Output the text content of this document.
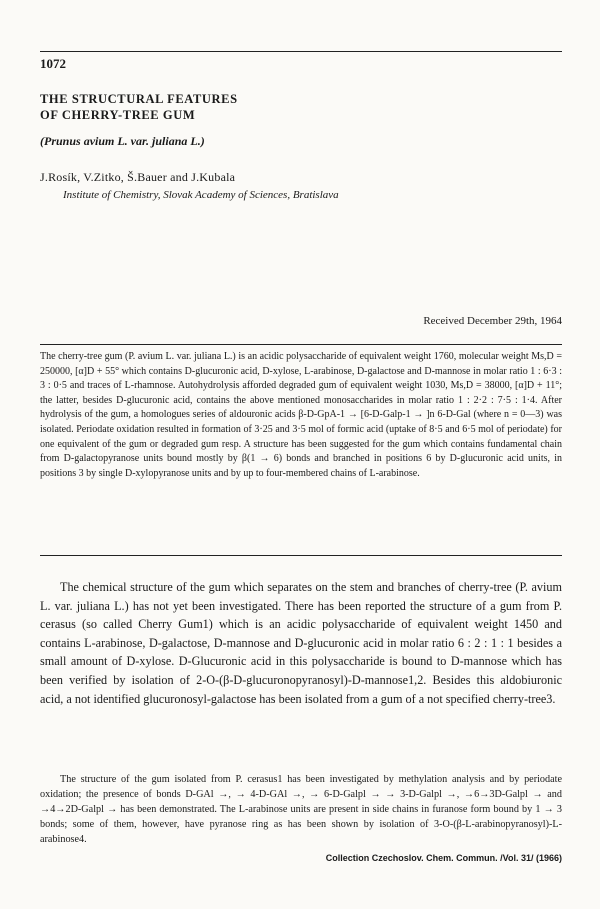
1072
THE STRUCTURAL FEATURES
OF CHERRY-TREE GUM
(Prunus avium L. var. juliana L.)
J.Rosík, V.Zitko, Š.Bauer and J.Kubala
Institute of Chemistry, Slovak Academy of Sciences, Bratislava
Received December 29th, 1964
The cherry-tree gum (P. avium L. var. juliana L.) is an acidic polysaccharide of equivalent weight 1760, molecular weight Ms,D = 250000, [α]D + 55° which contains D-glucuronic acid, D-xylose, L-arabinose, D-galactose and D-mannose in molar ratio 1 : 6·3 : 3 : 0·5 and traces of L-rhamnose. Autohydrolysis afforded degraded gum of equivalent weight 1030, Ms,D = 38000, [α]D + 11°; the latter, besides D-glucuronic acid, contains the above mentioned monosaccharides in molar ratio 1 : 2·2 : 7·5 : 1·4. After hydrolysis of the gum, a homologues series of aldouronic acids β-D-GpA-1 → [6-D-Galp-1 → ]n 6-D-Gal (where n = 0—3) was isolated. Periodate oxidation resulted in formation of 3·25 and 3·5 mol of formic acid (uptake of 8·5 and 6·5 mol of periodate) for one equivalent of the gum or degraded gum resp. A structure has been suggested for the gum which contains fundamental chain from D-galactopyranose units bound mostly by β(1 → 6) bonds and branched in positions 6 by D-glucuronic acid units, in positions 3 by single D-xylopyranose units and by up to four-membered chains of L-arabinose.

The chemical structure of the gum which separates on the stem and branches of cherry-tree (P. avium L. var. juliana L.) has not yet been investigated. There has been reported the structure of a gum from P. cerasus (so called Cherry Gum1) which is an acidic polysaccharide of equivalent weight 1450 and contains L-arabinose, D-galactose, D-mannose and D-glucuronic acid in molar ratio 6 : 2 : 1 : 1 besides a small amount of D-xylose. D-Glucuronic acid in this polysaccharide is bound to D-mannose which has been verified by isolation of 2-O-(β-D-glucuronopyranosyl)-D-mannose1,2. Besides this aldobiuronic acid, a not identified glucuronosyl-galactose has been isolated from a gum of a not specified cherry-tree3.

The structure of the gum isolated from P. cerasus1 has been investigated by methylation analysis and by periodate oxidation; the presence of bonds D-GAl →, → 4-D-GAl →, → 6-D-Galpl → → 3-D-Galpl →, →6→3D-Galpl → and →4→2D-Galpl → has been demonstrated. The L-arabinose units are present in side chains in furanose form bound by 1 → 3 bonds; some of them, however, have pyranose ring as has been shown by isolation of 3-O-(β-L-arabinopyranosyl)-L-arabinose4.

Collection Czechoslov. Chem. Commun. /Vol. 31/ (1966)
